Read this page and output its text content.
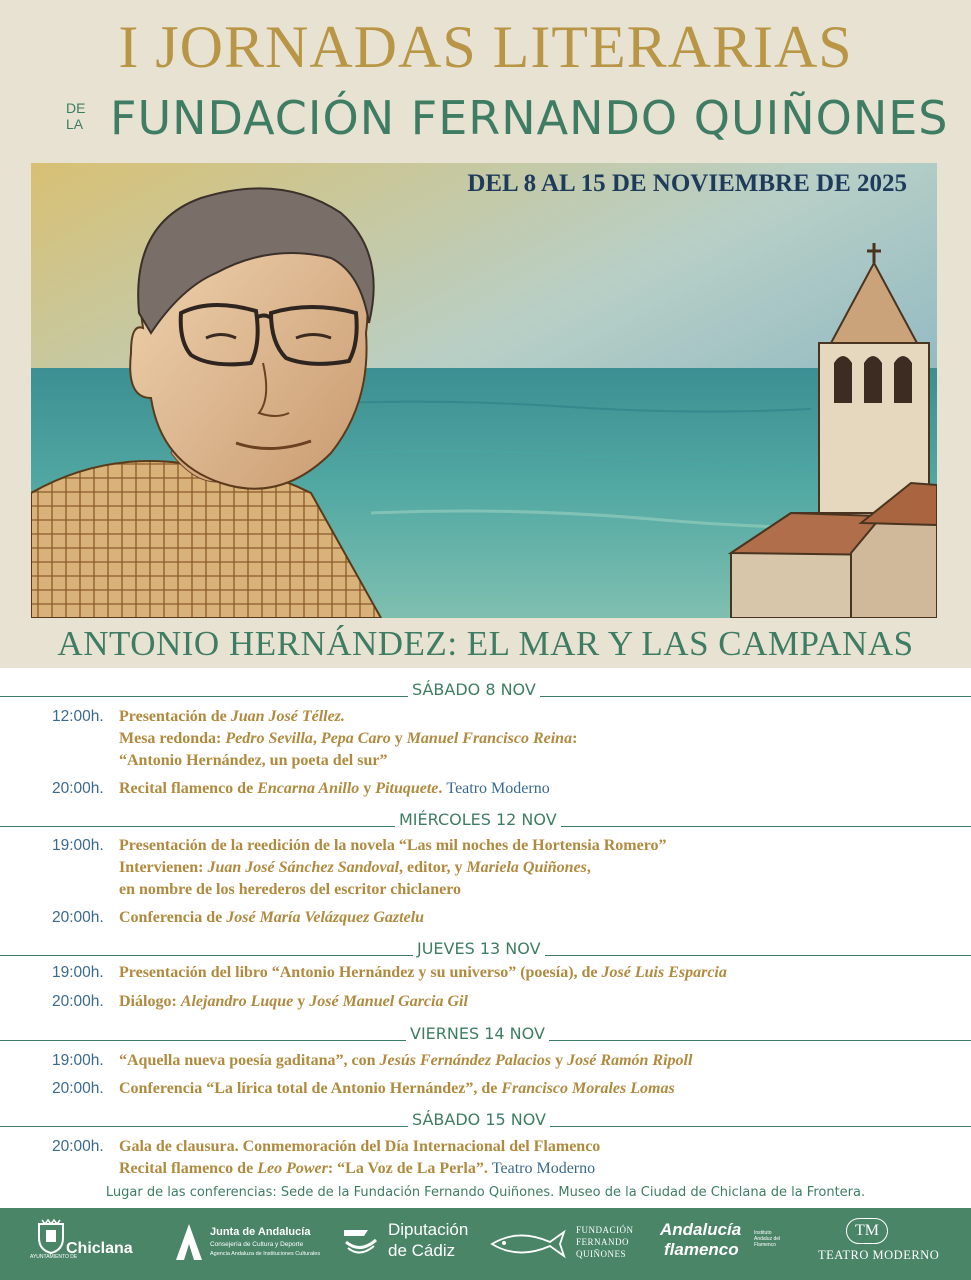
I JORNADAS LITERARIAS
DE
LA FUNDACIÓN FERNANDO QUIÑONES
DEL 8 AL 15 DE NOVIEMBRE DE 2025
ANTONIO HERNÁNDEZ: EL MAR Y LAS CAMPANAS
SÁBADO 8 NOV
12:00h. Presentación de Juan José Téllez.
Mesa redonda: Pedro Sevilla, Pepa Caro y Manuel Francisco Reina:
“Antonio Hernández, un poeta del sur”
20:00h. Recital flamenco de Encarna Anillo y Pituquete. Teatro Moderno
MIÉRCOLES 12 NOV
19:00h. Presentación de la reedición de la novela “Las mil noches de Hortensia Romero”
Intervienen: Juan José Sánchez Sandoval, editor, y Mariela Quiñones,
en nombre de los herederos del escritor chiclanero
20:00h. Conferencia de José María Velázquez Gaztelu
JUEVES 13 NOV
19:00h. Presentación del libro “Antonio Hernández y su universo” (poesía), de José Luis Esparcia
20:00h. Diálogo: Alejandro Luque y José Manuel Garcia Gil
VIERNES 14 NOV
19:00h. “Aquella nueva poesía gaditana”, con Jesús Fernández Palacios y José Ramón Ripoll
20:00h. Conferencia “La lírica total de Antonio Hernández”, de Francisco Morales Lomas
SÁBADO 15 NOV
20:00h. Gala de clausura. Conmemoración del Día Internacional del Flamenco
Recital flamenco de Leo Power: “La Voz de La Perla”. Teatro Moderno
Lugar de las conferencias: Sede de la Fundación Fernando Quiñones. Museo de la Ciudad de Chiclana de la Frontera.
AYUNTAMIENTO DE
Chiclana
Junta de Andalucía
Consejería de Cultura y Deporte
Agencia Andaluza de Instituciones Culturales
Diputación
de Cádiz
FUNDACIÓN
FERNANDO
QUIÑONES
Andalucía
flamenco
Instituto Andaluz del Flamenco
TM
TEATRO MODERNO
